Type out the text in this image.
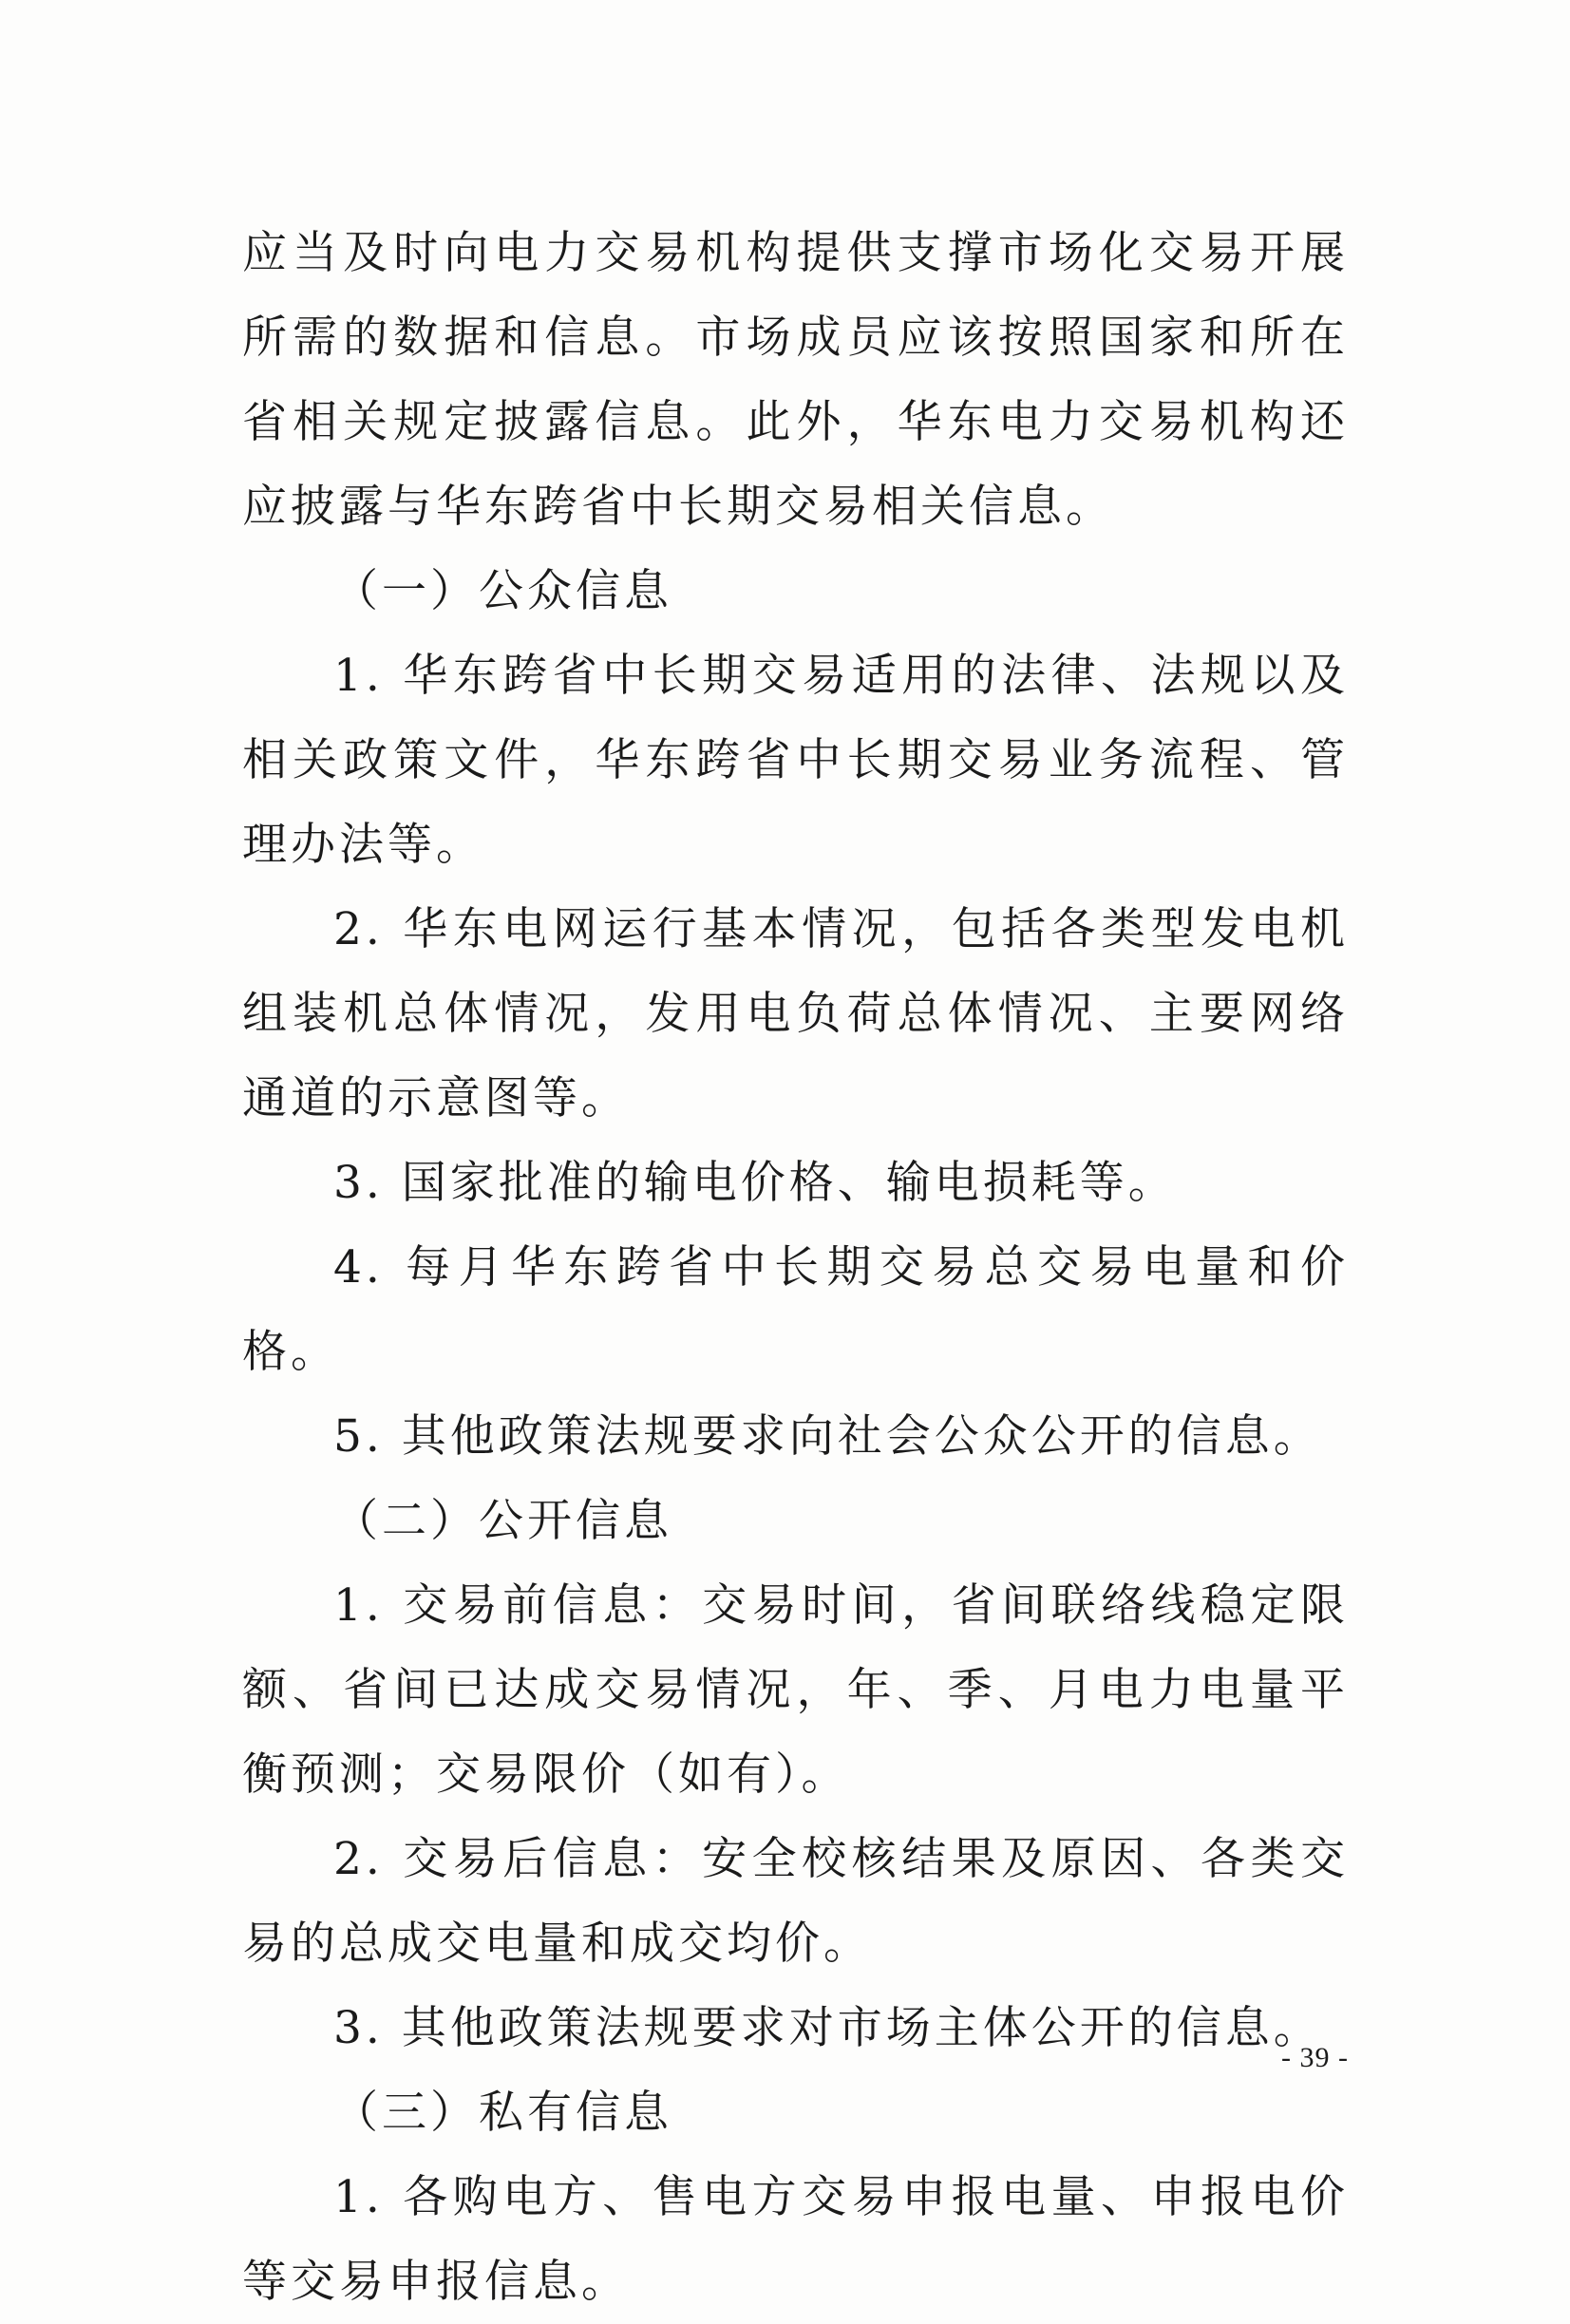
应当及时向电力交易机构提供支撑市场化交易开展所需的数据和信息。市场成员应该按照国家和所在省相关规定披露信息。此外，华东电力交易机构还应披露与华东跨省中长期交易相关信息。

（一）公众信息

1. 华东跨省中长期交易适用的法律、法规以及相关政策文件，华东跨省中长期交易业务流程、管理办法等。

2. 华东电网运行基本情况，包括各类型发电机组装机总体情况，发用电负荷总体情况、主要网络通道的示意图等。

3. 国家批准的输电价格、输电损耗等。

4. 每月华东跨省中长期交易总交易电量和价格。

5. 其他政策法规要求向社会公众公开的信息。

（二）公开信息

1. 交易前信息：交易时间，省间联络线稳定限额、省间已达成交易情况，年、季、月电力电量平衡预测；交易限价（如有）。

2. 交易后信息：安全校核结果及原因、各类交易的总成交电量和成交均价。

3. 其他政策法规要求对市场主体公开的信息。

（三）私有信息

1. 各购电方、售电方交易申报电量、申报电价等交易申报信息。

- 39 -
